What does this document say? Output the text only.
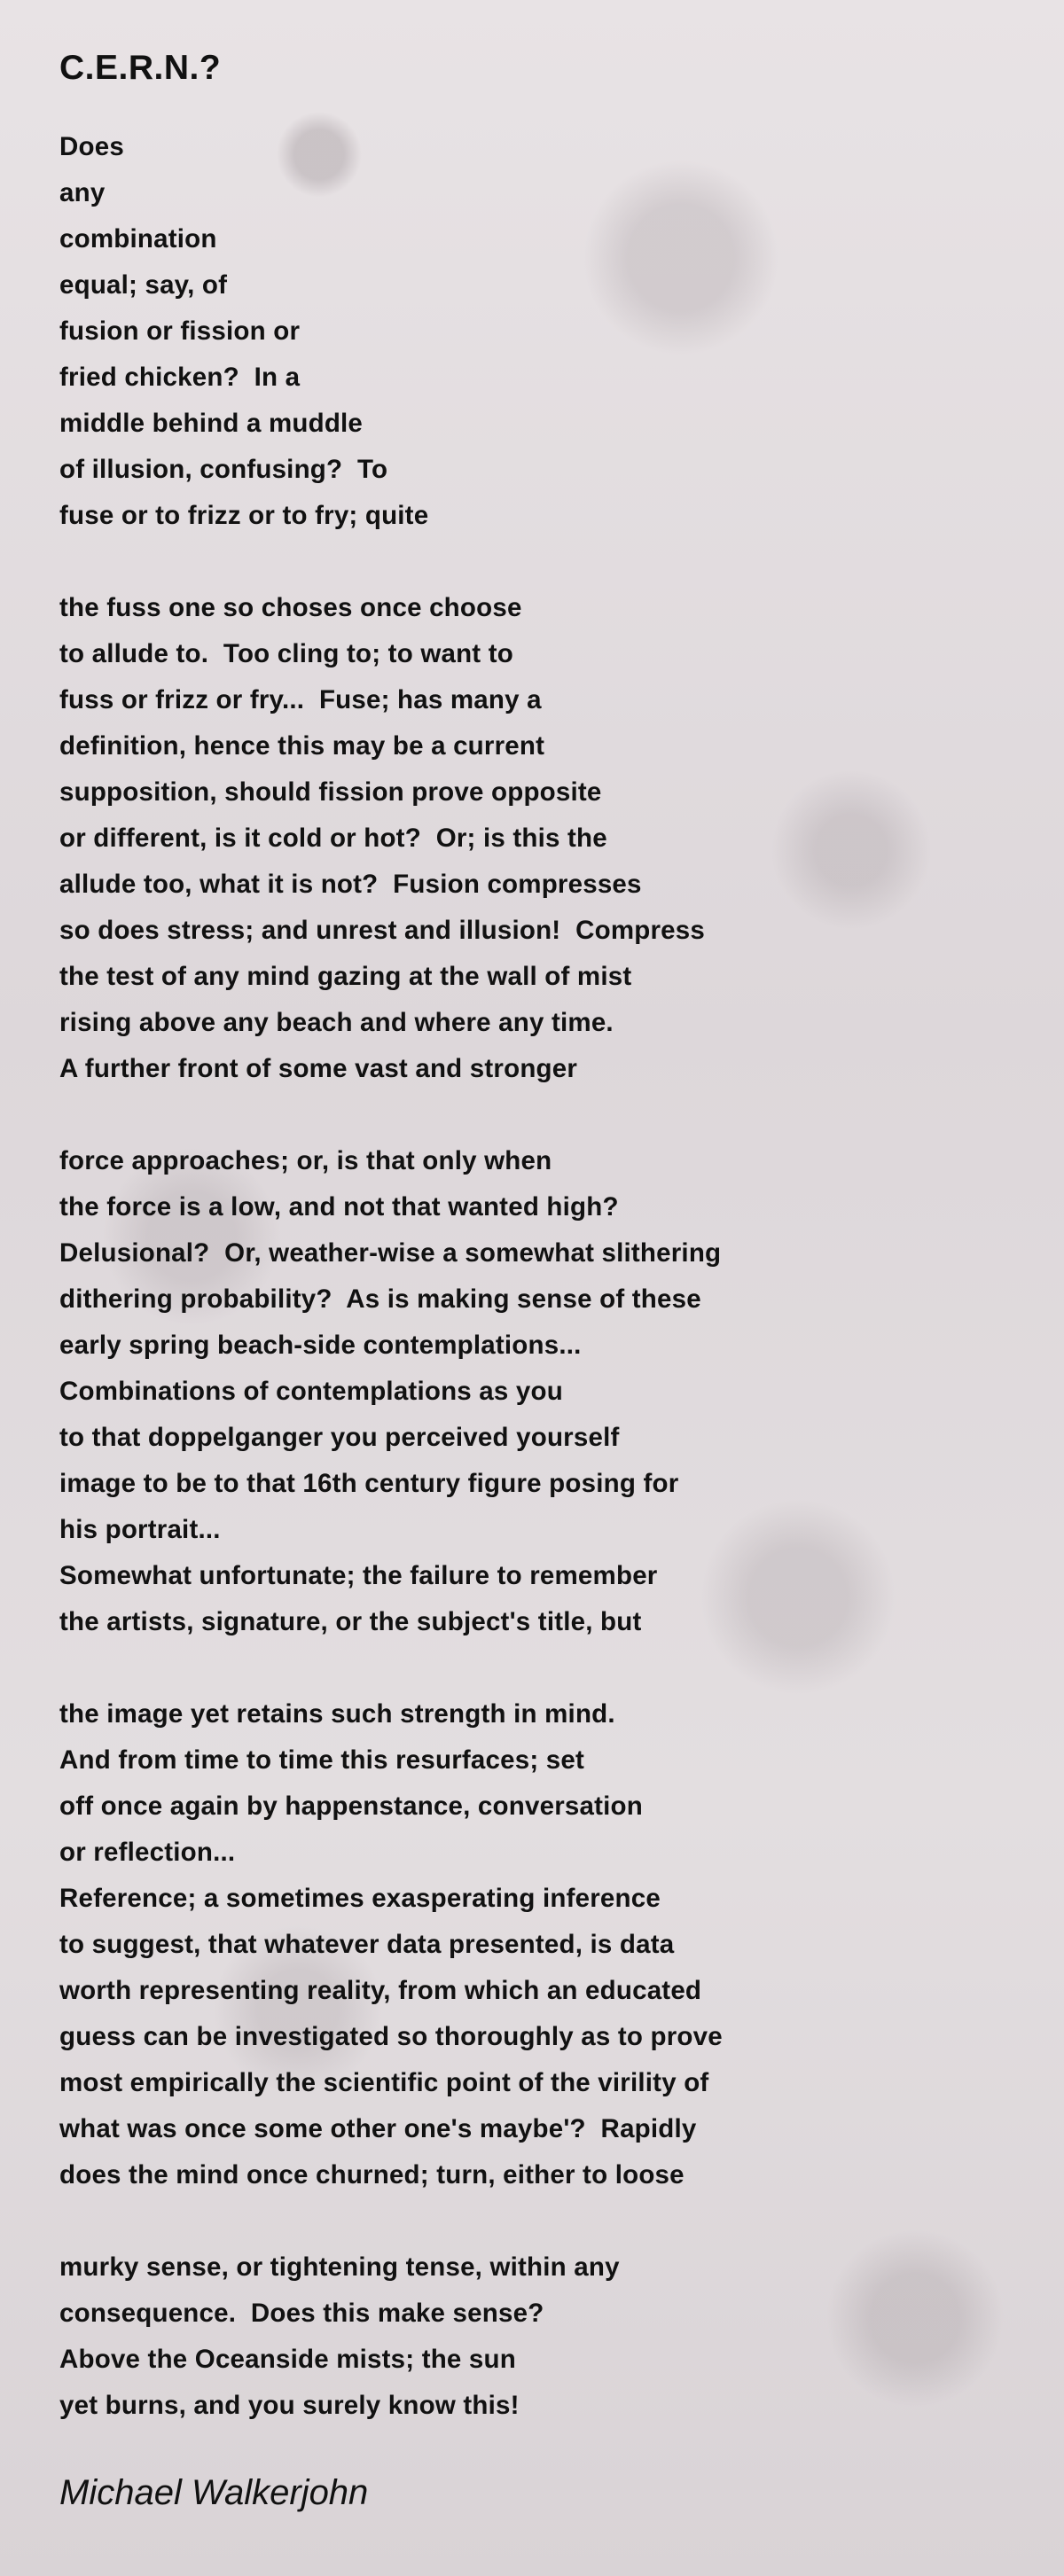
C.E.R.N.?
Does
any
combination
equal; say, of
fusion or fission or
fried chicken?  In a
middle behind a muddle
of illusion, confusing?  To
fuse or to frizz or to fry; quite
the fuss one so choses once choose
to allude to.  Too cling to; to want to
fuss or frizz or fry...  Fuse; has many a
definition, hence this may be a current
supposition, should fission prove opposite
or different, is it cold or hot?  Or; is this the
allude too, what it is not?  Fusion compresses
so does stress; and unrest and illusion!  Compress
the test of any mind gazing at the wall of mist
rising above any beach and where any time.
A further front of some vast and stronger
force approaches; or, is that only when
the force is a low, and not that wanted high?
Delusional?  Or, weather-wise a somewhat slithering
dithering probability?  As is making sense of these
early spring beach-side contemplations...
Combinations of contemplations as you
to that doppelganger you perceived yourself
image to be to that 16th century figure posing for
his portrait...
Somewhat unfortunate; the failure to remember
the artists, signature, or the subject's title, but
the image yet retains such strength in mind.
And from time to time this resurfaces; set
off once again by happenstance, conversation
or reflection...
Reference; a sometimes exasperating inference
to suggest, that whatever data presented, is data
worth representing reality, from which an educated
guess can be investigated so thoroughly as to prove
most empirically the scientific point of the virility of
what was once some other one's maybe'?  Rapidly
does the mind once churned; turn, either to loose
murky sense, or tightening tense, within any
consequence.  Does this make sense?
Above the Oceanside mists; the sun
yet burns, and you surely know this!
Michael Walkerjohn
